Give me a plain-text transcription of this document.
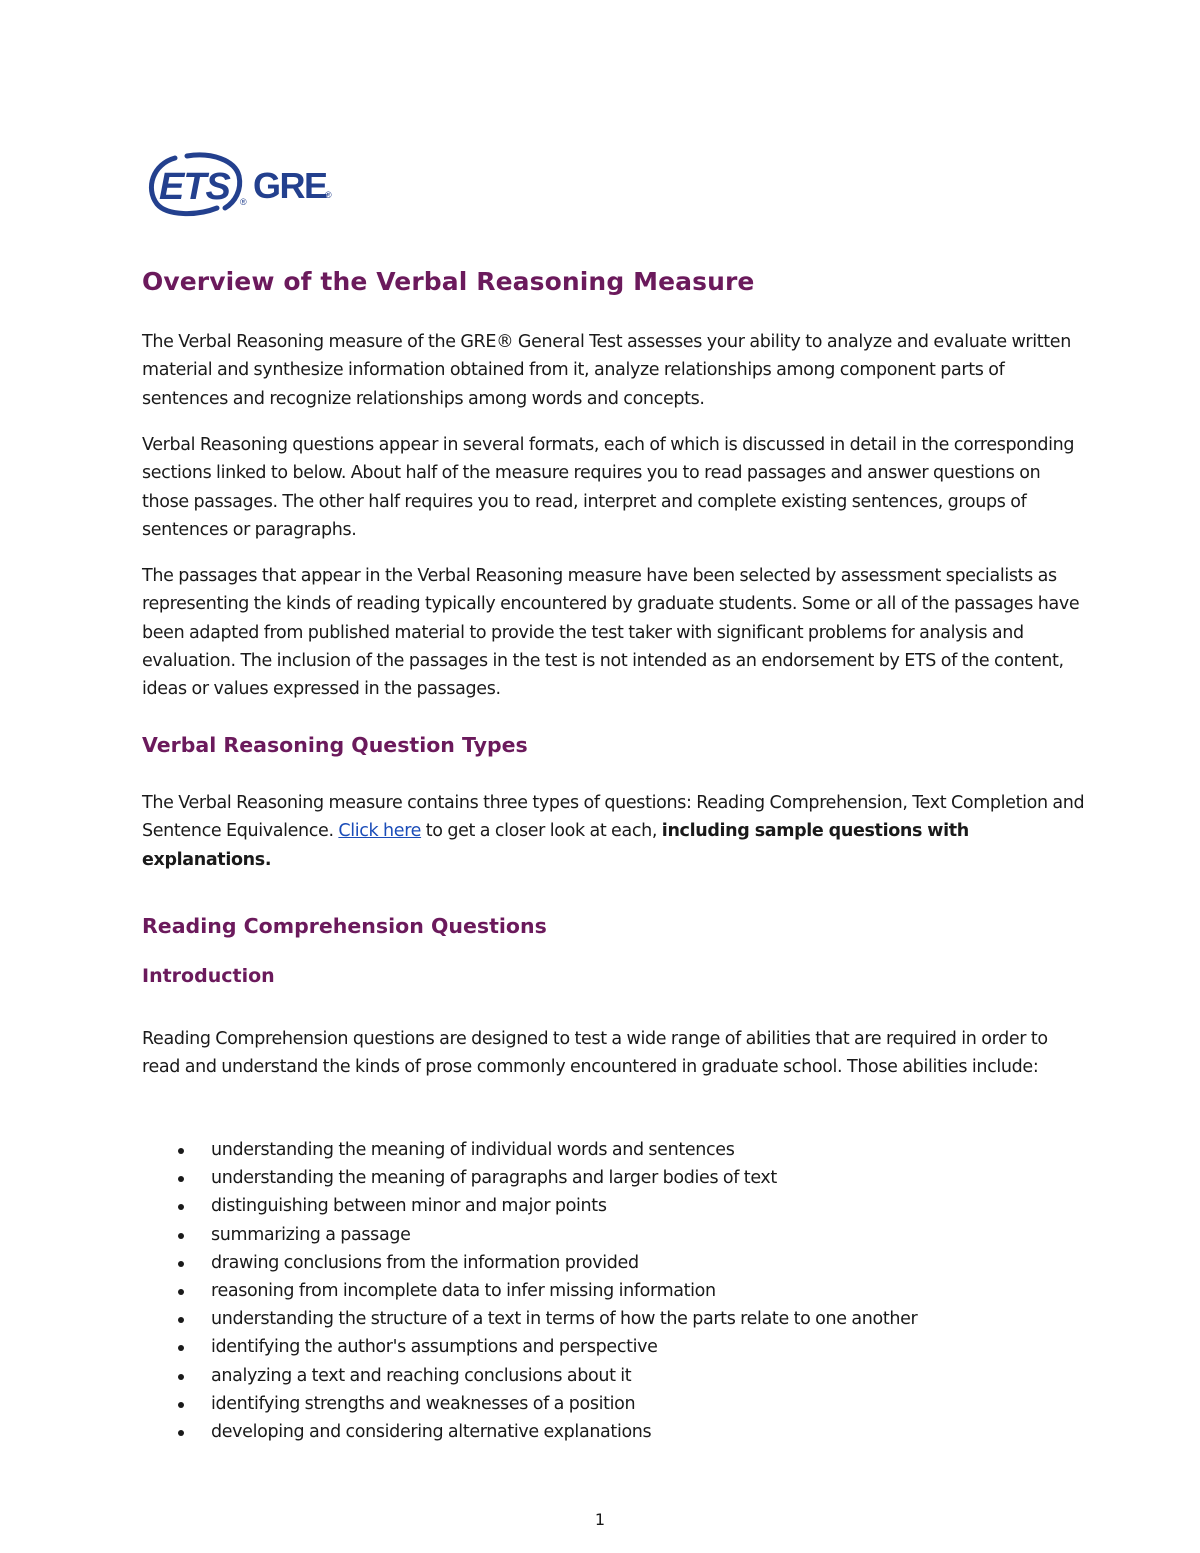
ETS ® GRE
®
Overview of the Verbal Reasoning Measure

The Verbal Reasoning measure of the GRE® General Test assesses your ability to analyze and evaluate written material and synthesize information obtained from it, analyze relationships among component parts of sentences and recognize relationships among words and concepts.

Verbal Reasoning questions appear in several formats, each of which is discussed in detail in the corresponding sections linked to below. About half of the measure requires you to read passages and answer questions on those passages. The other half requires you to read, interpret and complete existing sentences, groups of sentences or paragraphs.

The passages that appear in the Verbal Reasoning measure have been selected by assessment specialists as representing the kinds of reading typically encountered by graduate students. Some or all of the passages have been adapted from published material to provide the test taker with significant problems for analysis and evaluation. The inclusion of the passages in the test is not intended as an endorsement by ETS of the content, ideas or values expressed in the passages.

Verbal Reasoning Question Types

The Verbal Reasoning measure contains three types of questions: Reading Comprehension, Text Completion and Sentence Equivalence. Click here to get a closer look at each, including sample questions with explanations.

Reading Comprehension Questions
Introduction

Reading Comprehension questions are designed to test a wide range of abilities that are required in order to read and understand the kinds of prose commonly encountered in graduate school. Those abilities include:

understanding the meaning of individual words and sentences
understanding the meaning of paragraphs and larger bodies of text
distinguishing between minor and major points
summarizing a passage
drawing conclusions from the information provided
reasoning from incomplete data to infer missing information
understanding the structure of a text in terms of how the parts relate to one another
identifying the author's assumptions and perspective
analyzing a text and reaching conclusions about it
identifying strengths and weaknesses of a position
developing and considering alternative explanations
1
